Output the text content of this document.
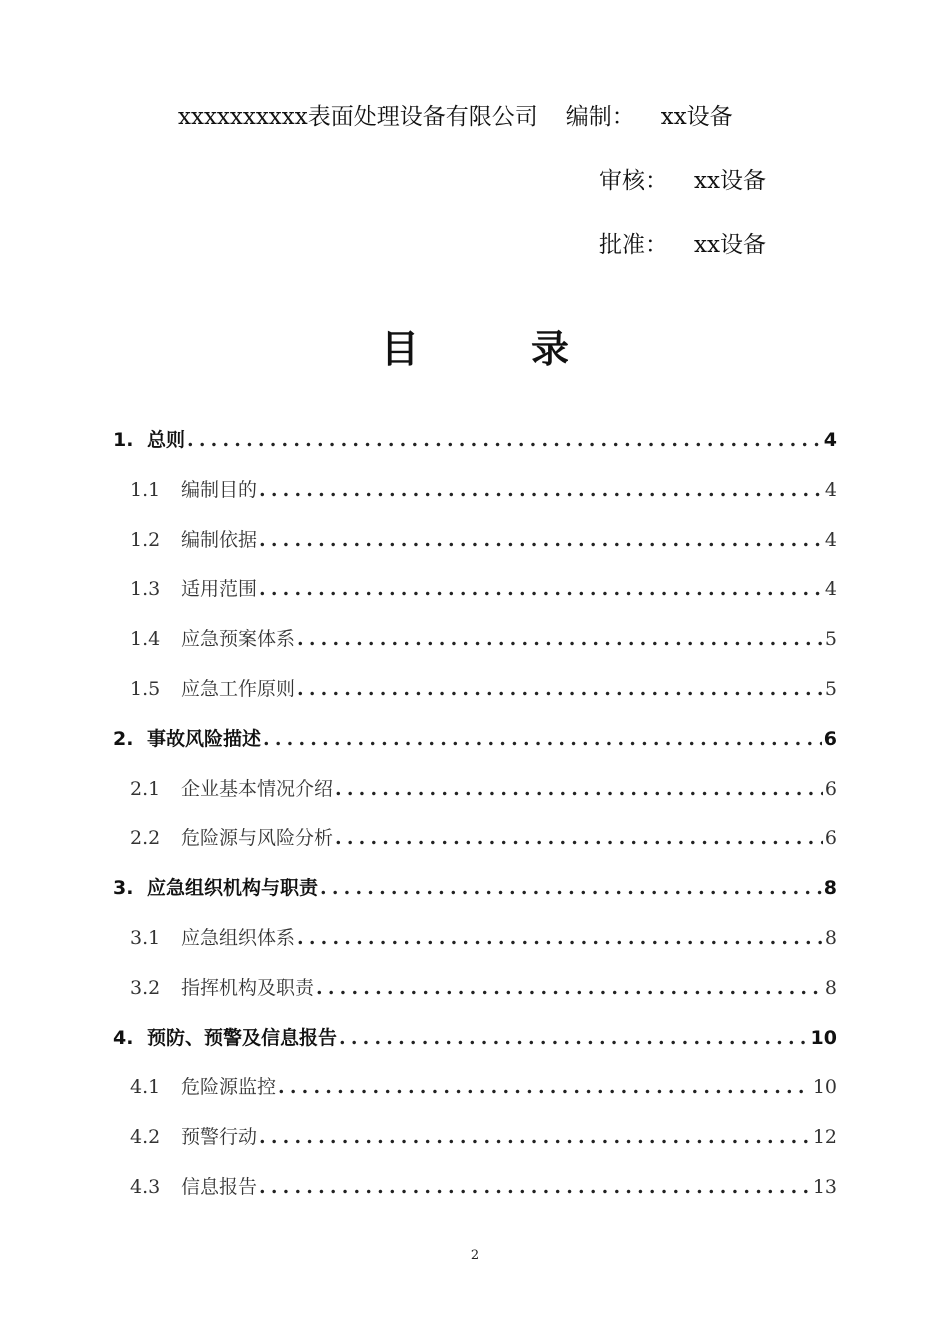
xxxxxxxxxx表面处理设备有限公司 编制： xx设备
审核： xx设备
批准： xx设备
目	录
1. 总则 .....	4
1.1	编制目的 .....	4
1.2	编制依据 .....	4
1.3	适用范围 .....	4
1.4	应急预案体系 .....	5
1.5	应急工作原则 .....	5
2. 事故风险描述 .....	6
2.1	企业基本情况介绍 .....	6
2.2	危险源与风险分析 .....	6
3. 应急组织机构与职责 .....	8
3.1	应急组织体系 .....	8
3.2	指挥机构及职责 .....	8
4. 预防、预警及信息报告 .....	10
4.1	危险源监控 .....	10
4.2	预警行动 .....	12
4.3	信息报告 .....	13
2
